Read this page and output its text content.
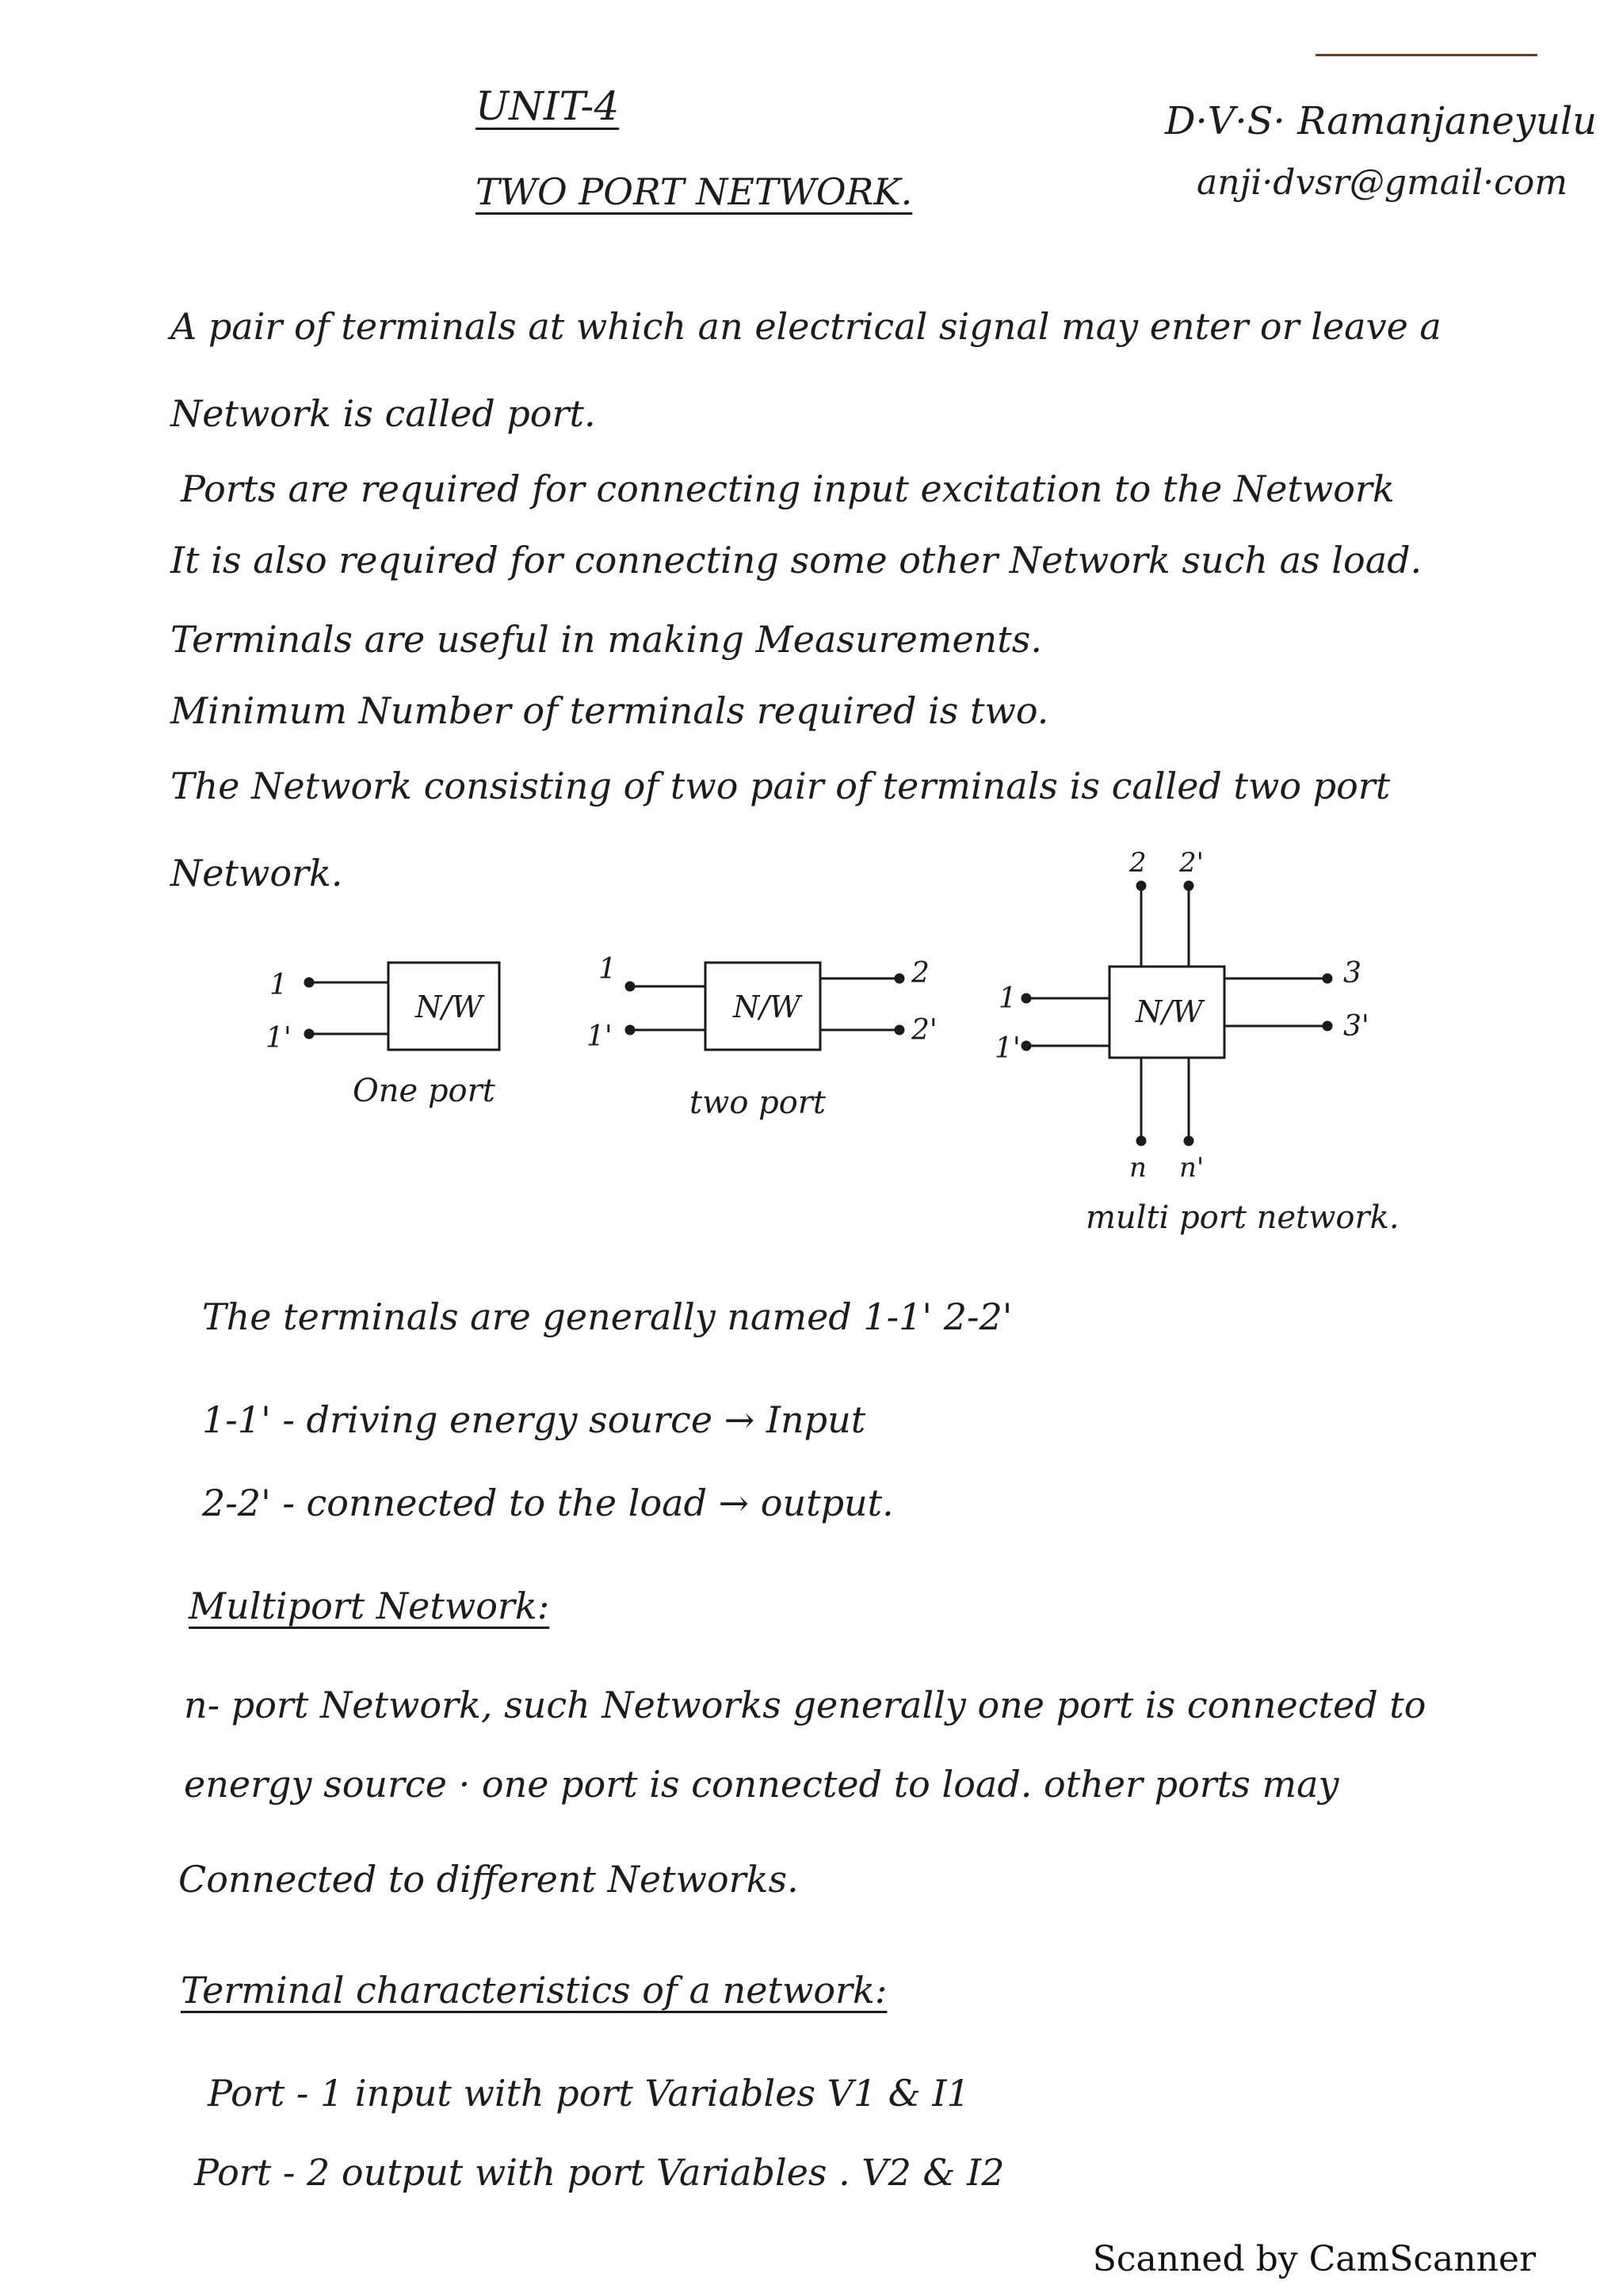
UNIT-4
TWO PORT NETWORK.
D·V·S· Ramanjaneyulu
anji·dvsr@gmail·com
A pair of terminals at which an electrical signal may enter or leave a
Network is called port.
Ports are required for connecting input excitation to the Network
It is also required for connecting some other Network such as load.
Terminals are useful in making Measurements.
Minimum Number of terminals required is two.
The Network consisting of two pair of terminals is called two port
Network.
1
1'
N/W
One port
1
1'
N/W
2
2'
two port
1
1'
N/W
3
3'
2 2'
n n'
multi port network.
The terminals are generally named 1-1' 2-2'
1-1' - driving energy source → Input
2-2' - connected to the load → output.
Multiport Network:
n- port Network, such Networks generally one port is connected to
energy source · one port is connected to load. other ports may
Connected to different Networks.
Terminal characteristics of a network:
Port - 1 input with port Variables V1 & I1
Port - 2 output with port Variables . V2 & I2
Scanned by CamScanner
